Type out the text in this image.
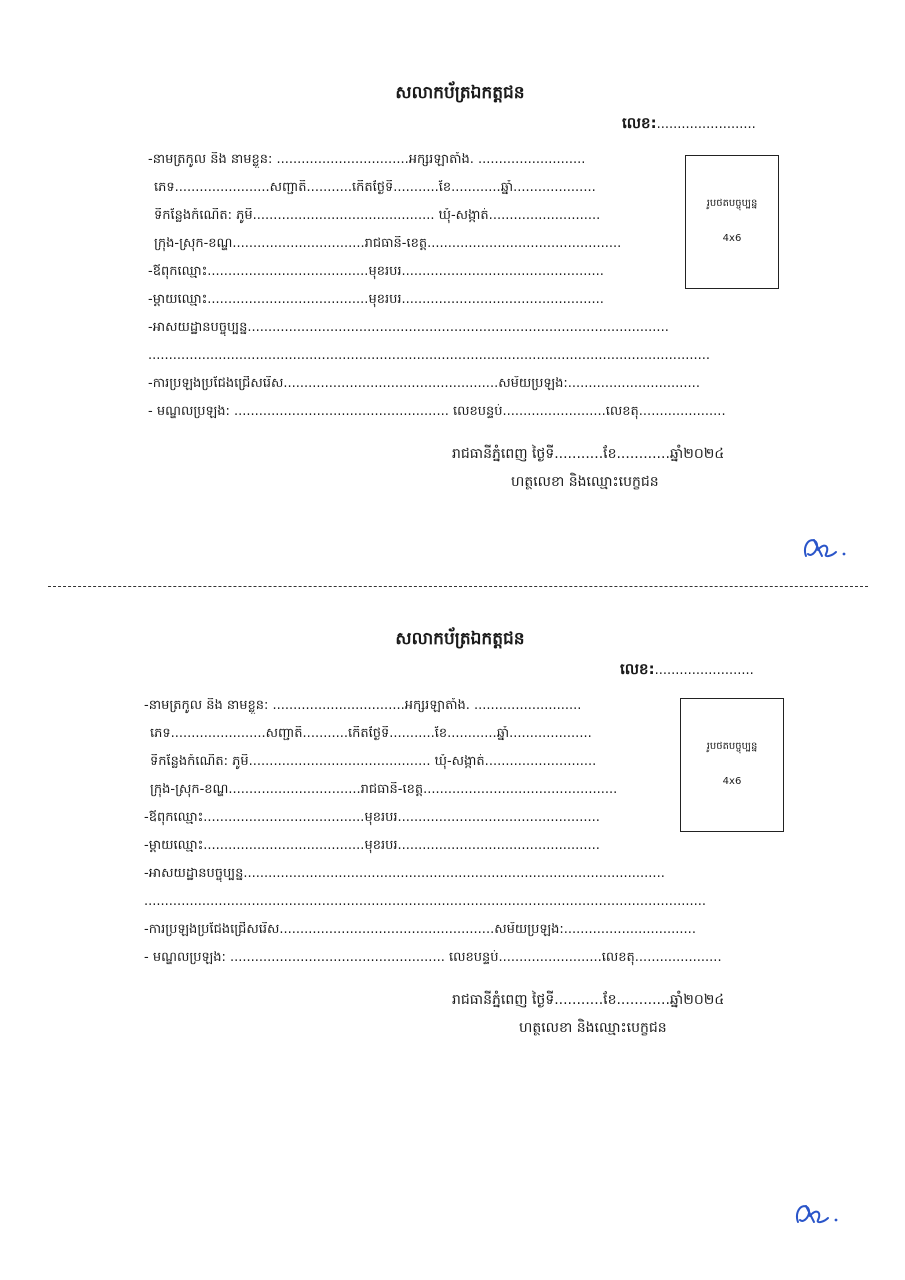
សលាកប័ត្រឯកត្តជន
លេខ:........................
-នាមត្រកូល និង នាមខ្លួន: ................................អក្សរឡាតាំង. ..........................
ភេទ.......................សញ្ជាតិ...........កើតថ្ងៃទី...........ខែ............ឆ្នាំ....................
ទីកន្លែងកំណើត: ភូមិ............................................ ឃុំ-សង្កាត់...........................
ក្រុង-ស្រុក-ខណ្ឌ................................រាជធានី-ខេត្ត...............................................
-ឪពុកឈ្មោះ.......................................មុខរបរ.................................................
-ម្តាយឈ្មោះ.......................................មុខរបរ.................................................
-អាសយដ្ឋានបច្ចុប្បន្ន......................................................................................................
........................................................................................................................................
-ការប្រឡងប្រជែងជ្រើសរើស....................................................សម័យប្រឡង:................................
- មណ្ឌលប្រឡង: .................................................... លេខបន្ទប់.........................លេខតុ.....................
រូបថតបច្ចុប្បន្ន
4x6
រាជធានីភ្នំពេញ ថ្ងៃទី...........ខែ............ឆ្នាំ២០២៤
ហត្ថលេខា និងឈ្មោះបេក្ខជន
សលាកប័ត្រឯកត្តជន
លេខ:........................
-នាមត្រកូល និង នាមខ្លួន: ................................អក្សរឡាតាំង. ..........................
ភេទ.......................សញ្ជាតិ...........កើតថ្ងៃទី...........ខែ............ឆ្នាំ....................
ទីកន្លែងកំណើត: ភូមិ............................................ ឃុំ-សង្កាត់...........................
ក្រុង-ស្រុក-ខណ្ឌ................................រាជធានី-ខេត្ត...............................................
-ឪពុកឈ្មោះ.......................................មុខរបរ.................................................
-ម្តាយឈ្មោះ.......................................មុខរបរ.................................................
-អាសយដ្ឋានបច្ចុប្បន្ន......................................................................................................
........................................................................................................................................
-ការប្រឡងប្រជែងជ្រើសរើស....................................................សម័យប្រឡង:................................
- មណ្ឌលប្រឡង: .................................................... លេខបន្ទប់.........................លេខតុ.....................
រូបថតបច្ចុប្បន្ន
4x6
រាជធានីភ្នំពេញ ថ្ងៃទី...........ខែ............ឆ្នាំ២០២៤
ហត្ថលេខា និងឈ្មោះបេក្ខជន
